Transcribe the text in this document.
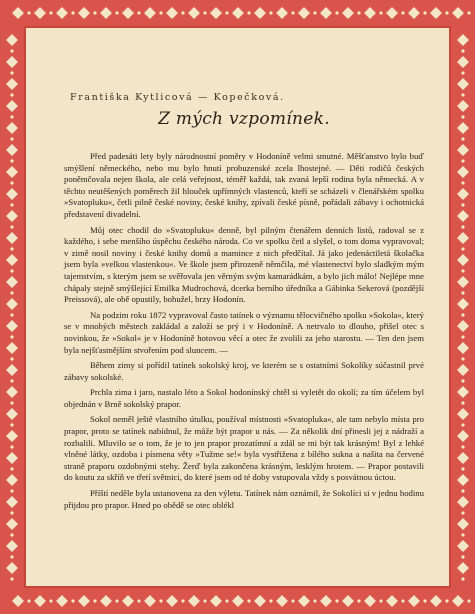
Františka Kytlicová — Kopečková.
Z mých vzpomínek.

Před padesáti lety byly národnostní poměry v Hodoníně velmi smutné. Měšťanstvo bylo buď smýšlení německého, nebo mu bylo hnutí probuzenské zcela lhostejné. — Děti rodičů českých poněmčovala nejen škola, ale celá veřejnost, téměř každá, tak zvaná lepší rodina byla německá. A v těchto neutěšených poměrech žil hlouček upřímných vlastenců, kteří se scházeli v členářském spolku »Svatopluku«, četli pilně české noviny, české knihy, zpívali české písně, pořádali zábavy i ochotnická představení divadelní.

Můj otec chodil do »Svatopluku« denně, byl pilným čtenářem denních listů, radoval se z každého, i sebe menšího úspěchu českého národa. Co ve spolku četl a slyšel, o tom doma vypravoval; v zimě nosil noviny i české knihy domů a mamince z nich předčítal. Já jako jedenáctiletá školačka jsem byla »velkou vlastenkou«. Ve škole jsem přirozeně němčila, mé vlastenectví bylo sladkým mým tajemstvím, s kterým jsem se svěřovala jen věrným svým kamarádkám, a bylo jich málo! Nejlépe mne chápaly stejně smýšlející Emilka Mudrochová, dcerka berního úředníka a Gábinka Sekerová (pozdější Preissová), ale obě opustily, bohužel, brzy Hodonín.

Na podzim roku 1872 vypravoval často tatínek o významu tělocvičného spolku »Sokola«, který se v mnohých městech zakládal a založí se prý i v Hodoníně. A netrvalo to dlouho, přišel otec s novinkou, že »Sokol« je v Hodoníně hotovou věcí a otec že zvolili za jeho starostu. — Ten den jsem byla nejšťastnějším stvořením pod sluncem. —

Během zimy si pořídil tatínek sokolský kroj, ve kterém se s ostatními Sokolíky súčastnil prvé zábavy sokolské.

Prchla zima i jaro, nastalo léto a Sokol hodonínský chtěl si vyletět do okolí; za tím účelem byl objednán v Brně sokolský prapor.

Sokol neměl ještě vlastního útulku, používal místnosti »Svatopluka«, ale tam nebylo místa pro prapor, proto se tatínek nabídnul, že může být prapor u nás. — Za několik dní přinesli jej z nádraží a rozbalili. Mluvilo se o tom, že je to jen prapor prozatímní a zdál se mi být tak krásným! Byl z lehké vlněné látky, ozdoba i písmena věty »Tužme se!« byla vystřižena z bílého sukna a našita na červené straně praporu ozdobnými stehy. Žerď byla zakončena krásným, lesklým hrotem. — Prapor postavili do koutu za skříň ve třetí světnici, do které jsem od té doby vstupovala vždy s posvátnou úctou.

Příští neděle byla ustanovena za den výletu. Tatínek nám oznámil, že Sokolíci si v jednu hodinu přijdou pro prapor. Hned po obědě se otec oblékl
